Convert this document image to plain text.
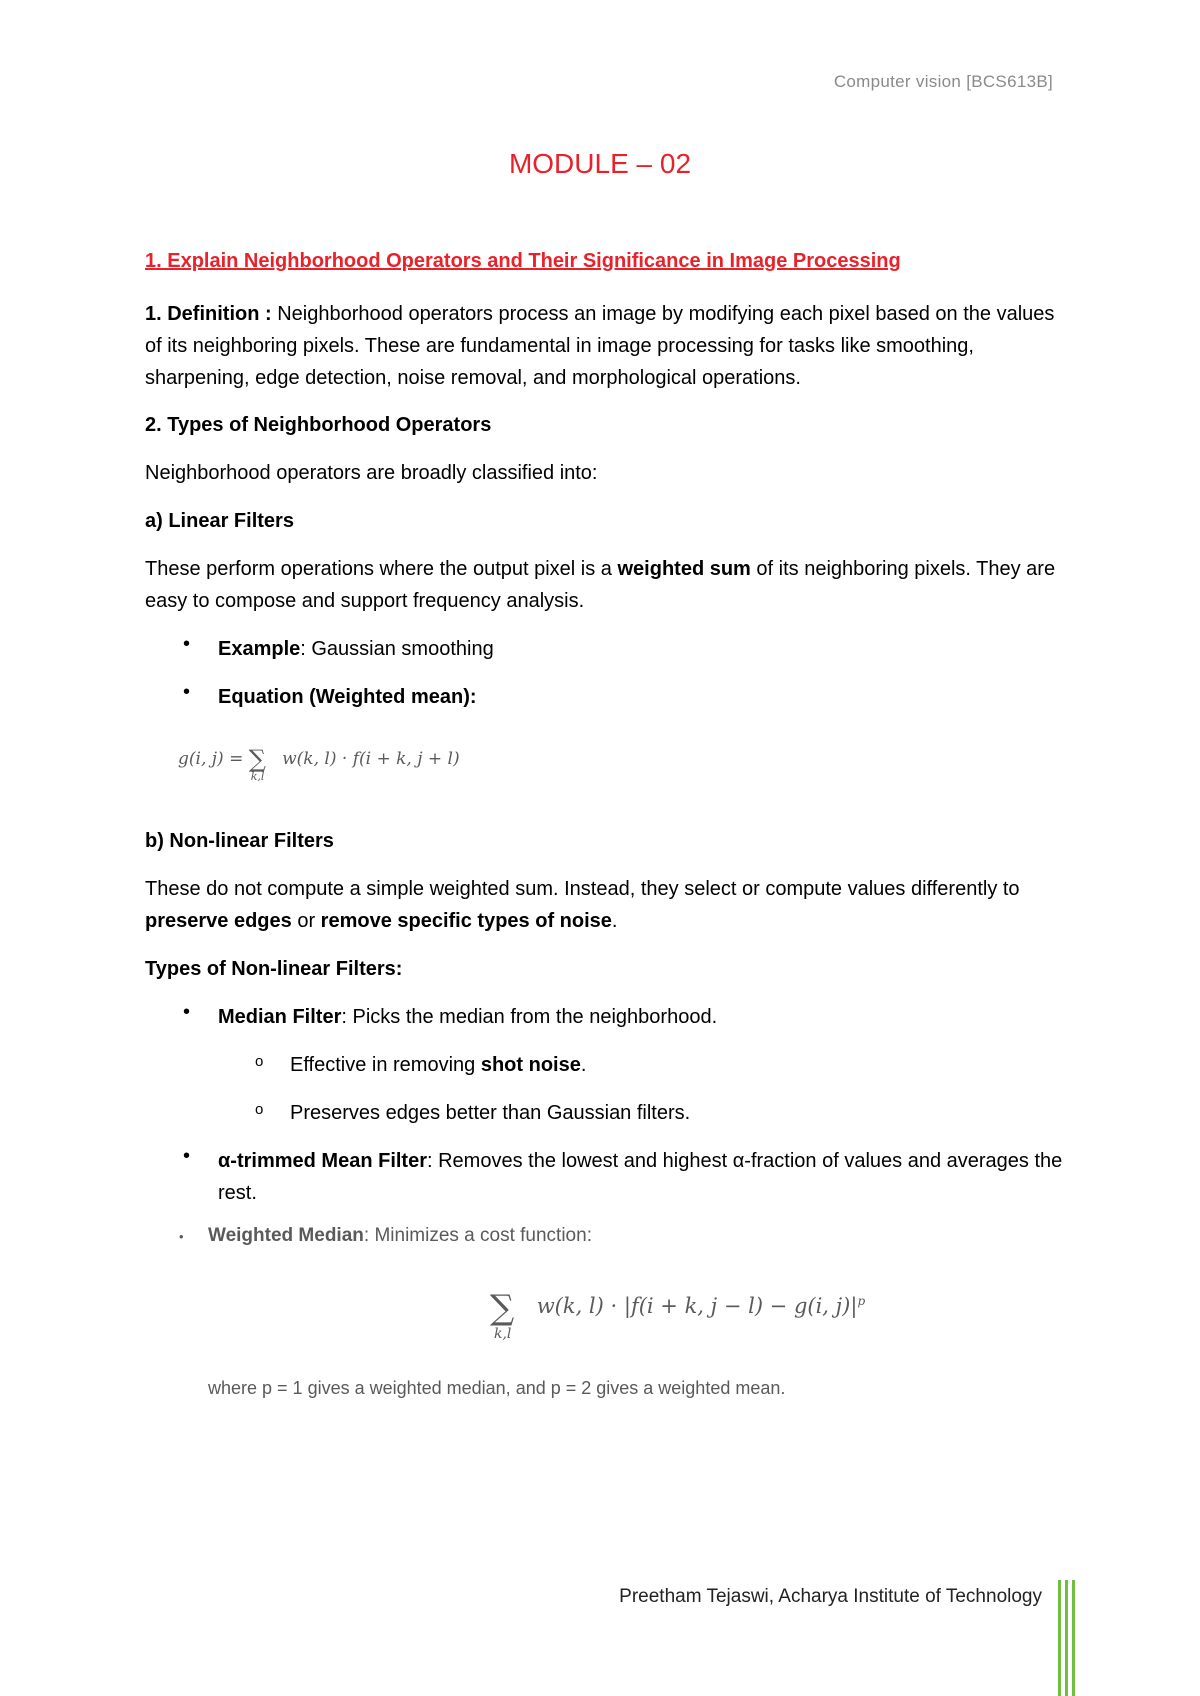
Computer vision [BCS613B]
MODULE – 02
1. Explain Neighborhood Operators and Their Significance in Image Processing

1. Definition : Neighborhood operators process an image by modifying each pixel based on the values of its neighboring pixels. These are fundamental in image processing for tasks like smoothing, sharpening, edge detection, noise removal, and morphological operations.

2. Types of Neighborhood Operators
Neighborhood operators are broadly classified into:
a) Linear Filters

These perform operations where the output pixel is a weighted sum of its neighboring pixels. They are easy to compose and support frequency analysis.

• Example: Gaussian smoothing
• Equation (Weighted mean):
g(i, j) = ∑
k,l
w(k, l) · f(i + k, j + l)
b) Non-linear Filters

These do not compute a simple weighted sum. Instead, they select or compute values differently to preserve edges or remove specific types of noise.

Types of Non-linear Filters:
• Median Filter: Picks the median from the neighborhood.
o Effective in removing shot noise.
o Preserves edges better than Gaussian filters.
• α-trimmed Mean Filter: Removes the lowest and highest α-fraction of values and averages the rest.
• Weighted Median: Minimizes a cost function:
∑
k,l
w(k, l) · |f(i + k, j − l) − g(i, $j)|^p$
where p = 1 gives a weighted median, and p = 2 gives a weighted mean.
Preetham Tejaswi, Acharya Institute of Technology
